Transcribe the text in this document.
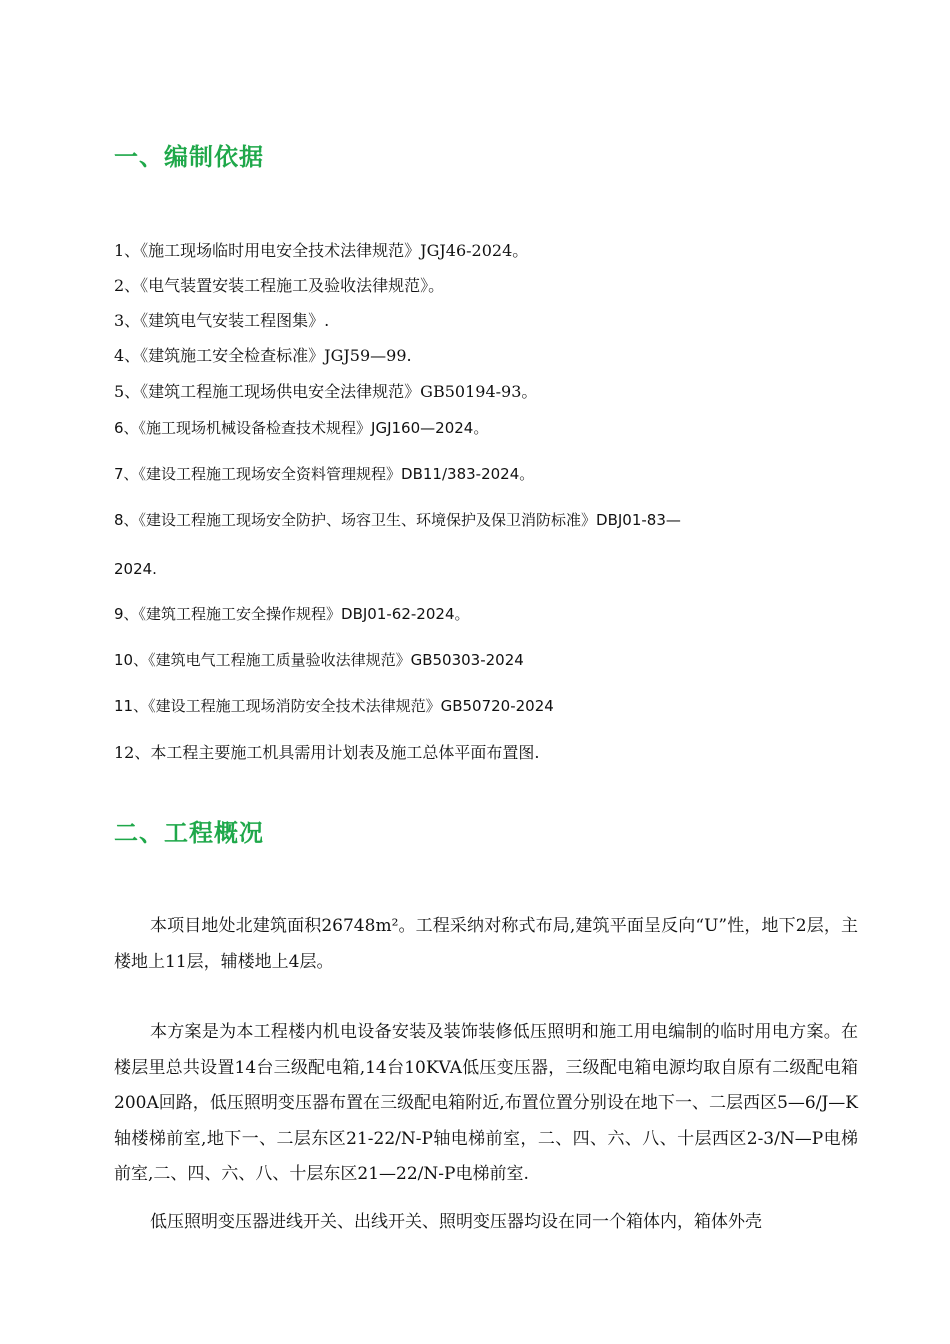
一、编制依据

1、《施工现场临时用电安全技术法律规范》JGJ46-2024。

2、《电气装置安装工程施工及验收法律规范》。

3、《建筑电气安装工程图集》.

4、《建筑施工安全检查标准》JGJ59—99.

5、《建筑工程施工现场供电安全法律规范》GB50194-93。

6、《施工现场机械设备检查技术规程》JGJ160—2024。

7、《建设工程施工现场安全资料管理规程》DB11/383-2024。

8、《建设工程施工现场安全防护、场容卫生、环境保护及保卫消防标准》DBJ01-83—

2024.

9、《建筑工程施工安全操作规程》DBJ01-62-2024。

10、《建筑电气工程施工质量验收法律规范》GB50303-2024

11、《建设工程施工现场消防安全技术法律规范》GB50720-2024

12、本工程主要施工机具需用计划表及施工总体平面布置图.

二、工程概况

本项目地处北建筑面积26748m²。工程采纳对称式布局,建筑平面呈反向“U”性，地下2层，主楼地上11层，辅楼地上4层。

本方案是为本工程楼内机电设备安装及装饰装修低压照明和施工用电编制的临时用电方案。在楼层里总共设置14台三级配电箱,14台10KVA低压变压器，三级配电箱电源均取自原有二级配电箱200A回路，低压照明变压器布置在三级配电箱附近,布置位置分别设在地下一、二层西区5—6/J—K轴楼梯前室,地下一、二层东区21-22/N-P轴电梯前室，二、四、六、八、十层西区2-3/N—P电梯前室,二、四、六、八、十层东区21—22/N-P电梯前室.

低压照明变压器进线开关、出线开关、照明变压器均设在同一个箱体内，箱体外壳
